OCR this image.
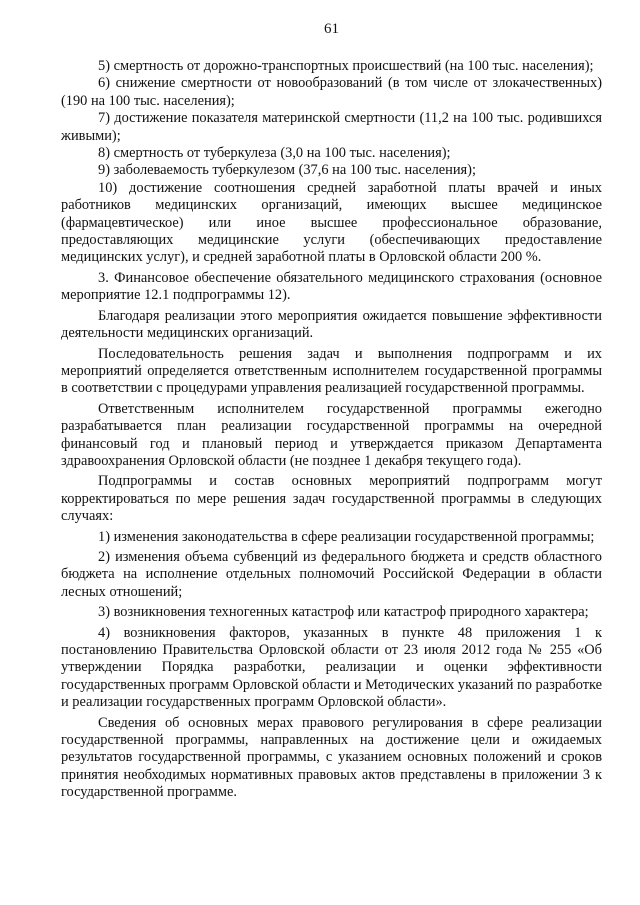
61

5) смертность от дорожно-транспортных происшествий (на 100 тыс. населения);

6) снижение смертности от новообразований (в том числе от злокачественных) (190 на 100 тыс. населения);

7) достижение показателя материнской смертности (11,2 на 100 тыс. родившихся живыми);

8) смертность от туберкулеза (3,0 на 100 тыс. населения);

9) заболеваемость туберкулезом (37,6 на 100 тыс. населения);

10) достижение соотношения средней заработной платы врачей и иных работников медицинских организаций, имеющих высшее медицинское (фармацевтическое) или иное высшее профессиональное образование, предоставляющих медицинские услуги (обеспечивающих предоставление медицинских услуг), и средней заработной платы в Орловской области 200 %.

3. Финансовое обеспечение обязательного медицинского страхования (основное мероприятие 12.1 подпрограммы 12).

Благодаря реализации этого мероприятия ожидается повышение эффективности деятельности медицинских организаций.

Последовательность решения задач и выполнения подпрограмм и их мероприятий определяется ответственным исполнителем государственной программы в соответствии с процедурами управления реализацией государственной программы.

Ответственным исполнителем государственной программы ежегодно разрабатывается план реализации государственной программы на очередной финансовый год и плановый период и утверждается приказом Департамента здравоохранения Орловской области (не позднее 1 декабря текущего года).

Подпрограммы и состав основных мероприятий подпрограмм могут корректироваться по мере решения задач государственной программы в следующих случаях:

1) изменения законодательства в сфере реализации государственной программы;

2) изменения объема субвенций из федерального бюджета и средств областного бюджета на исполнение отдельных полномочий Российской Федерации в области лесных отношений;

3) возникновения техногенных катастроф или катастроф природного характера;

4) возникновения факторов, указанных в пункте 48 приложения 1 к постановлению Правительства Орловской области от 23 июля 2012 года № 255 «Об утверждении Порядка разработки, реализации и оценки эффективности государственных программ Орловской области и Методических указаний по разработке и реализации государственных программ Орловской области».

Сведения об основных мерах правового регулирования в сфере реализации государственной программы, направленных на достижение цели и ожидаемых результатов государственной программы, с указанием основных положений и сроков принятия необходимых нормативных правовых актов представлены в приложении 3 к государственной программе.
